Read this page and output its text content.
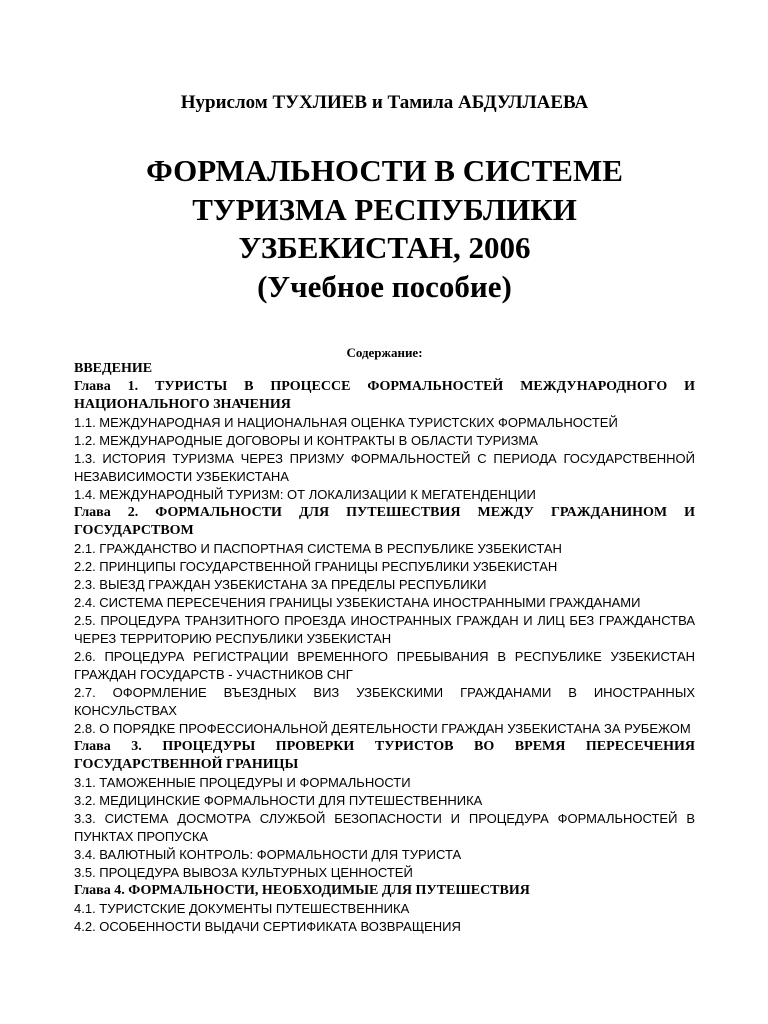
Нурислом ТУХЛИЕВ и Тамила АБДУЛЛАЕВА
ФОРМАЛЬНОСТИ В СИСТЕМЕ
ТУРИЗМА РЕСПУБЛИКИ
УЗБЕКИСТАН, 2006
(Учебное пособие)
Содержание:
ВВЕДЕНИЕ
Глава 1. ТУРИСТЫ В ПРОЦЕССЕ ФОРМАЛЬНОСТЕЙ МЕЖДУНАРОДНОГО И НАЦИОНАЛЬНОГО ЗНАЧЕНИЯ
1.1. МЕЖДУНАРОДНАЯ И НАЦИОНАЛЬНАЯ ОЦЕНКА ТУРИСТСКИХ ФОРМАЛЬНОСТЕЙ
1.2. МЕЖДУНАРОДНЫЕ ДОГОВОРЫ И КОНТРАКТЫ В ОБЛАСТИ ТУРИЗМА
1.3. ИСТОРИЯ ТУРИЗМА ЧЕРЕЗ ПРИЗМУ ФОРМАЛЬНОСТЕЙ С ПЕРИОДА ГОСУДАРСТВЕННОЙ НЕЗАВИСИМОСТИ УЗБЕКИСТАНА
1.4. МЕЖДУНАРОДНЫЙ ТУРИЗМ: ОТ ЛОКАЛИЗАЦИИ К МЕГАТЕНДЕНЦИИ
Глава 2. ФОРМАЛЬНОСТИ ДЛЯ ПУТЕШЕСТВИЯ МЕЖДУ ГРАЖДАНИНОМ И ГОСУДАРСТВОМ
2.1. ГРАЖДАНСТВО И ПАСПОРТНАЯ СИСТЕМА В РЕСПУБЛИКЕ УЗБЕКИСТАН
2.2. ПРИНЦИПЫ ГОСУДАРСТВЕННОЙ ГРАНИЦЫ РЕСПУБЛИКИ УЗБЕКИСТАН
2.3. ВЫЕЗД ГРАЖДАН УЗБЕКИСТАНА ЗА ПРЕДЕЛЫ РЕСПУБЛИКИ
2.4. СИСТЕМА ПЕРЕСЕЧЕНИЯ ГРАНИЦЫ УЗБЕКИСТАНА ИНОСТРАННЫМИ ГРАЖДАНАМИ
2.5. ПРОЦЕДУРА ТРАНЗИТНОГО ПРОЕЗДА ИНОСТРАННЫХ ГРАЖДАН И ЛИЦ БЕЗ ГРАЖДАНСТВА ЧЕРЕЗ ТЕРРИТОРИЮ РЕСПУБЛИКИ УЗБЕКИСТАН
2.6. ПРОЦЕДУРА РЕГИСТРАЦИИ ВРЕМЕННОГО ПРЕБЫВАНИЯ В РЕСПУБЛИКЕ УЗБЕКИСТАН ГРАЖДАН ГОСУДАРСТВ - УЧАСТНИКОВ СНГ
2.7. ОФОРМЛЕНИЕ ВЪЕЗДНЫХ ВИЗ УЗБЕКСКИМИ ГРАЖДАНАМИ В ИНОСТРАННЫХ КОНСУЛЬСТВАХ
2.8. О ПОРЯДКЕ ПРОФЕССИОНАЛЬНОЙ ДЕЯТЕЛЬНОСТИ ГРАЖДАН УЗБЕКИСТАНА ЗА РУБЕЖОМ
Глава 3. ПРОЦЕДУРЫ ПРОВЕРКИ ТУРИСТОВ ВО ВРЕМЯ ПЕРЕСЕЧЕНИЯ ГОСУДАРСТВЕННОЙ ГРАНИЦЫ
3.1. ТАМОЖЕННЫЕ ПРОЦЕДУРЫ И ФОРМАЛЬНОСТИ
3.2. МЕДИЦИНСКИЕ ФОРМАЛЬНОСТИ ДЛЯ ПУТЕШЕСТВЕННИКА
3.3. СИСТЕМА ДОСМОТРА СЛУЖБОЙ БЕЗОПАСНОСТИ И ПРОЦЕДУРА ФОРМАЛЬНОСТЕЙ В ПУНКТАХ ПРОПУСКА
3.4. ВАЛЮТНЫЙ КОНТРОЛЬ: ФОРМАЛЬНОСТИ ДЛЯ ТУРИСТА
3.5. ПРОЦЕДУРА ВЫВОЗА КУЛЬТУРНЫХ ЦЕННОСТЕЙ
Глава 4. ФОРМАЛЬНОСТИ, НЕОБХОДИМЫЕ ДЛЯ ПУТЕШЕСТВИЯ
4.1. ТУРИСТСКИЕ ДОКУМЕНТЫ ПУТЕШЕСТВЕННИКА
4.2. ОСОБЕННОСТИ ВЫДАЧИ СЕРТИФИКАТА ВОЗВРАЩЕНИЯ
